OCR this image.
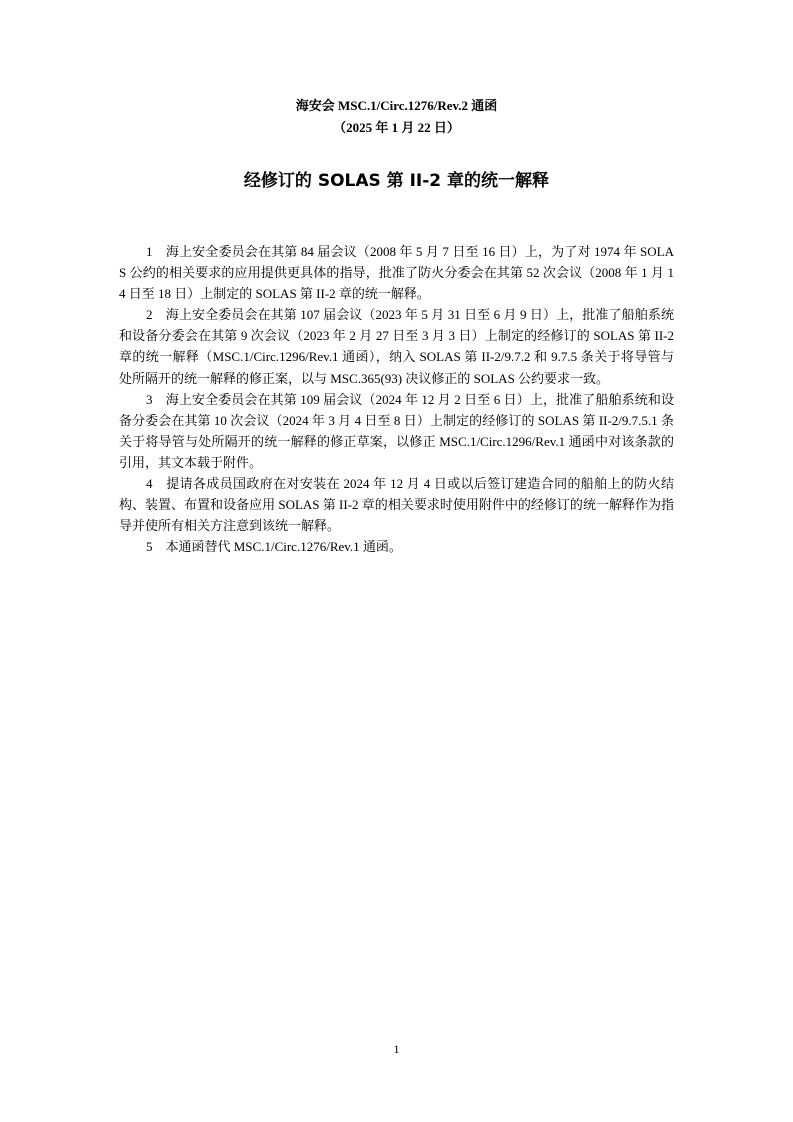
海安会 MSC.1/Circ.1276/Rev.2 通函
（2025 年 1 月 22 日）
经修订的 SOLAS 第 II-2 章的统一解释

1　海上安全委员会在其第 84 届会议（2008 年 5 月 7 日至 16 日）上，为了对 1974 年 SOLAS 公约的相关要求的应用提供更具体的指导，批准了防火分委会在其第 52 次会议（2008 年 1 月 14 日至 18 日）上制定的 SOLAS 第 II-2 章的统一解释。

2　海上安全委员会在其第 107 届会议（2023 年 5 月 31 日至 6 月 9 日）上，批准了船舶系统和设备分委会在其第 9 次会议（2023 年 2 月 27 日至 3 月 3 日）上制定的经修订的 SOLAS 第 II-2 章的统一解释（MSC.1/Circ.1296/Rev.1 通函），纳入 SOLAS 第 II-2/9.7.2 和 9.7.5 条关于将导管与处所隔开的统一解释的修正案，以与 MSC.365(93) 决议修正的 SOLAS 公约要求一致。

3　海上安全委员会在其第 109 届会议（2024 年 12 月 2 日至 6 日）上，批准了船舶系统和设备分委会在其第 10 次会议（2024 年 3 月 4 日至 8 日）上制定的经修订的 SOLAS 第 II-2/9.7.5.1 条关于将导管与处所隔开的统一解释的修正草案，以修正 MSC.1/Circ.1296/Rev.1 通函中对该条款的引用，其文本载于附件。

4　提请各成员国政府在对安装在 2024 年 12 月 4 日或以后签订建造合同的船舶上的防火结构、装置、布置和设备应用 SOLAS 第 II-2 章的相关要求时使用附件中的经修订的统一解释作为指导并使所有相关方注意到该统一解释。

5　本通函替代 MSC.1/Circ.1276/Rev.1 通函。

1
